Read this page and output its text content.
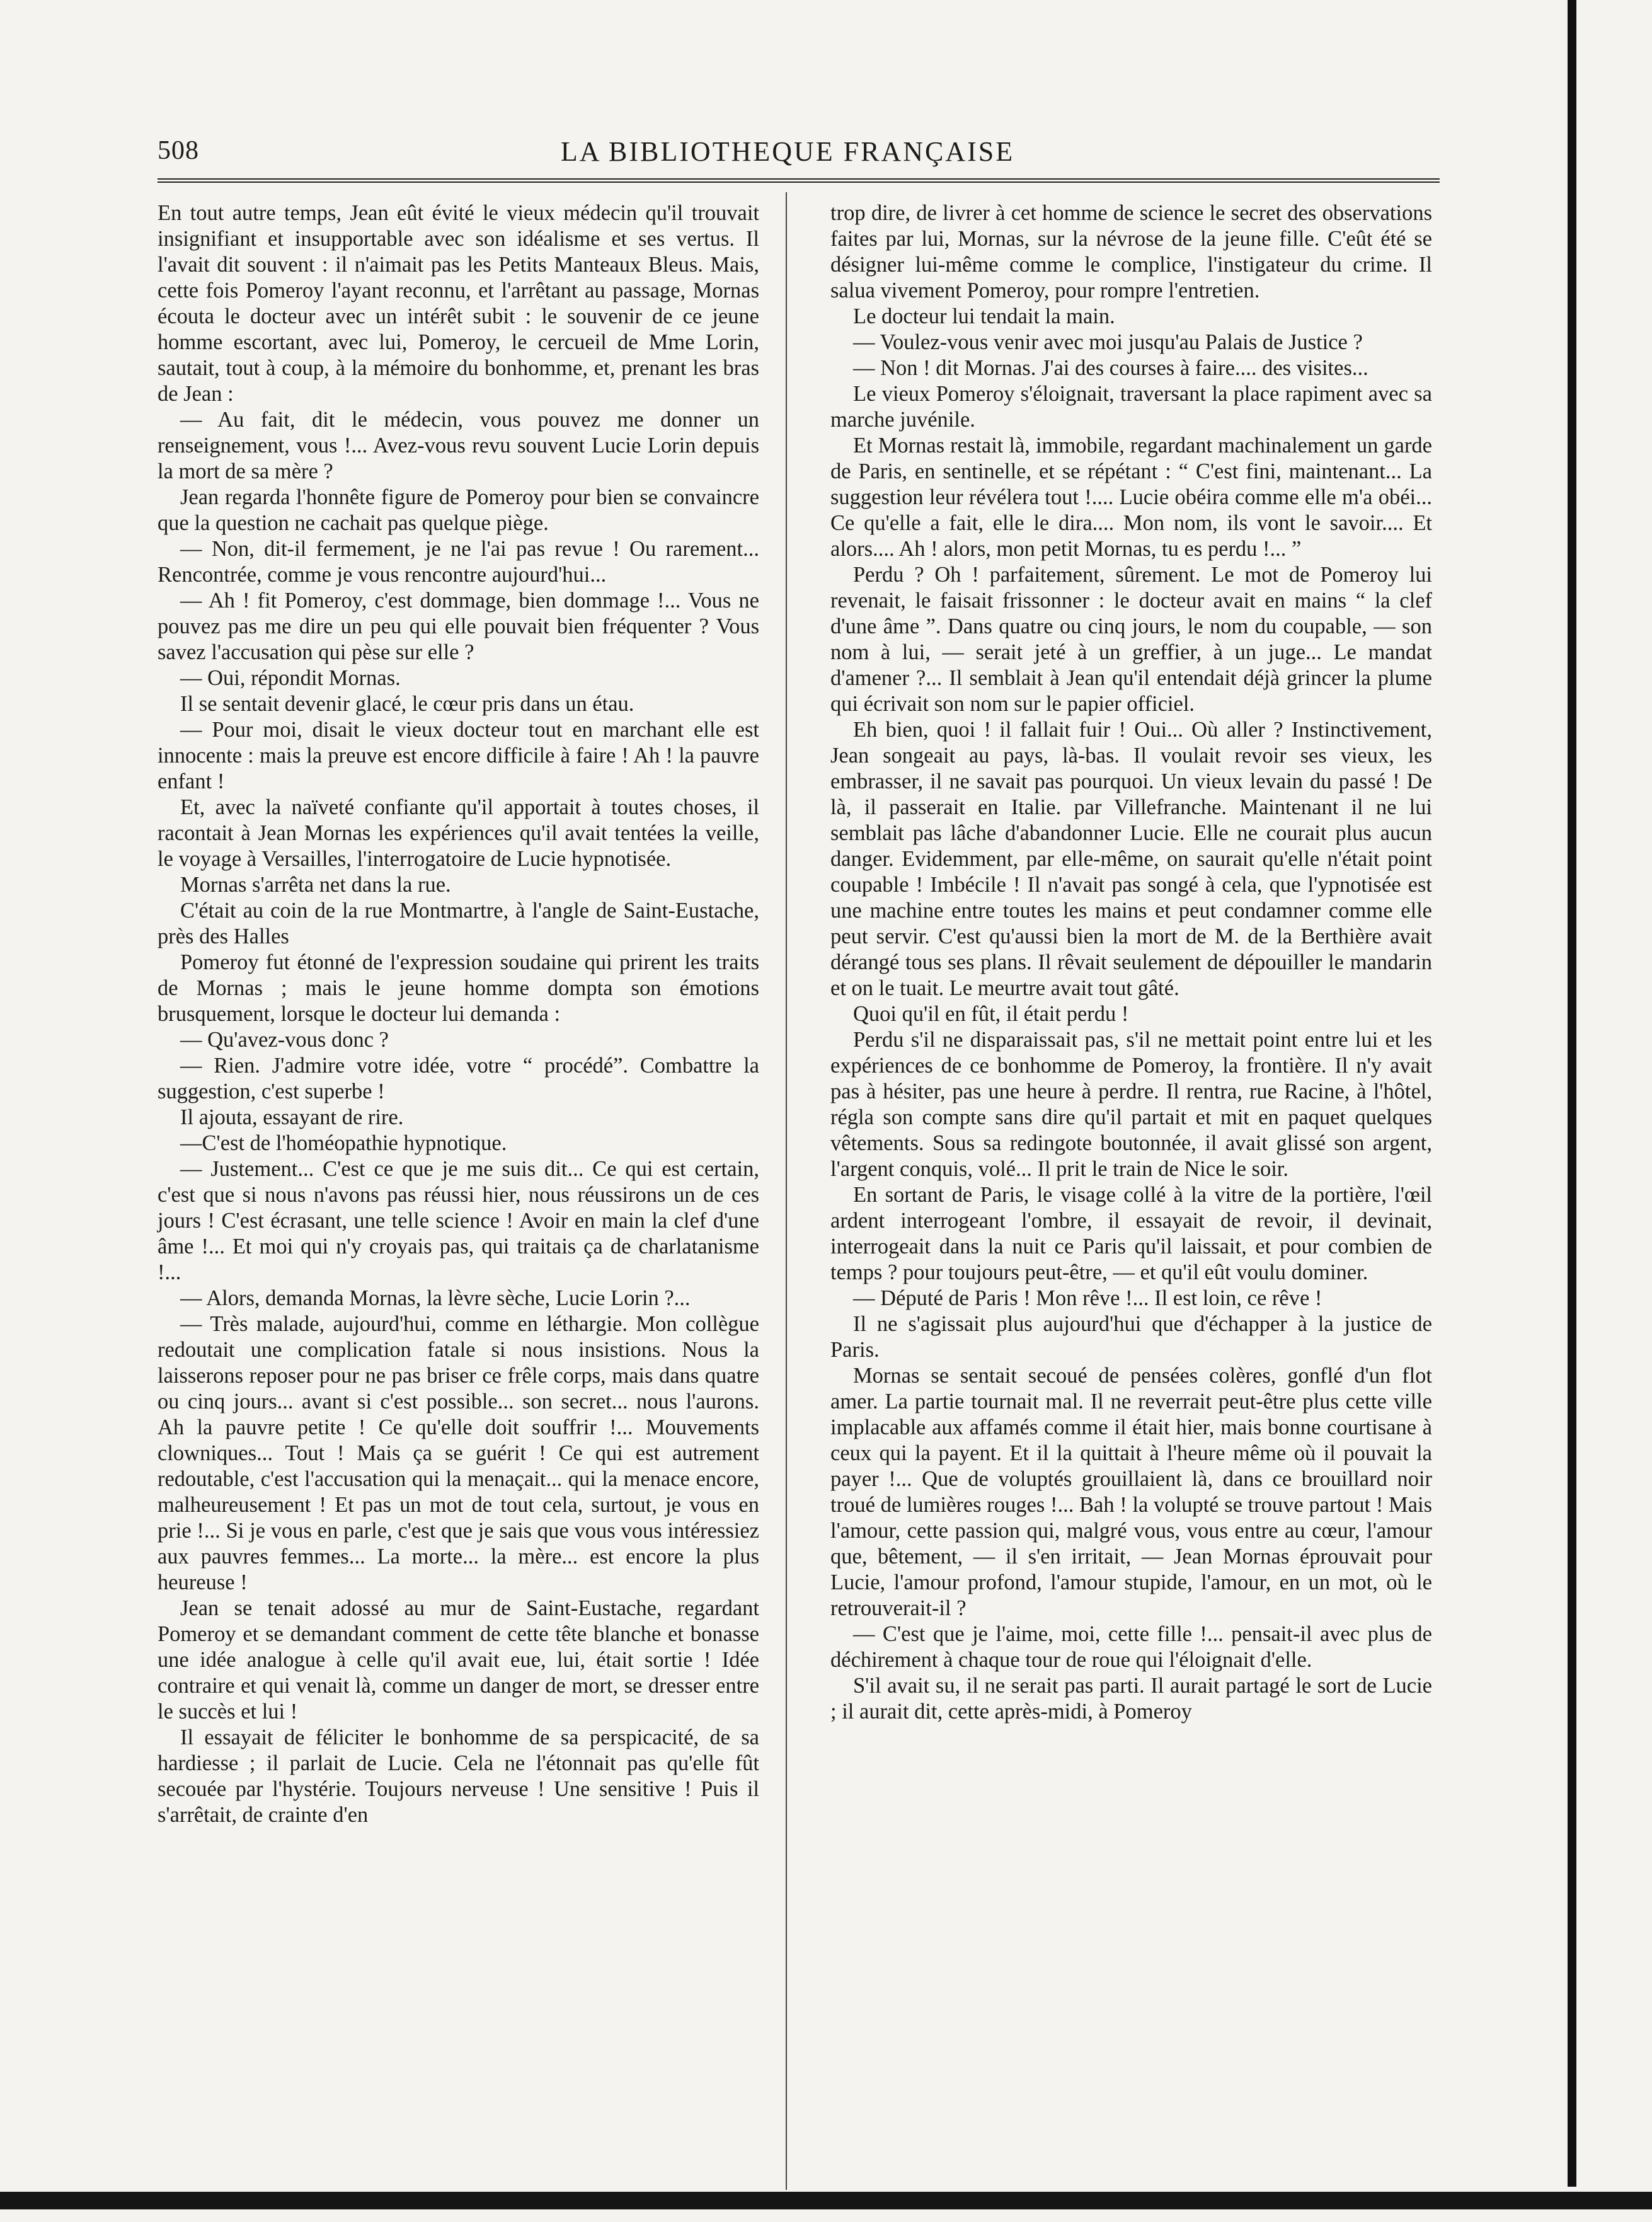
508	LA BIBLIOTHEQUE FRANÇAISE

En tout autre temps, Jean eût évité le vieux médecin qu'il trouvait insignifiant et insupportable avec son idéalisme et ses vertus. Il l'avait dit souvent : il n'aimait pas les Petits Manteaux Bleus. Mais, cette fois Pomeroy l'ayant reconnu, et l'arrêtant au passage, Mornas écouta le docteur avec un intérêt subit : le souvenir de ce jeune homme escortant, avec lui, Pomeroy, le cercueil de Mme Lorin, sautait, tout à coup, à la mémoire du bonhomme, et, prenant les bras de Jean :

— Au fait, dit le médecin, vous pouvez me donner un renseignement, vous !... Avez-vous revu souvent Lucie Lorin depuis la mort de sa mère ?

Jean regarda l'honnête figure de Pomeroy pour bien se convaincre que la question ne cachait pas quelque piège.

— Non, dit-il fermement, je ne l'ai pas revue ! Ou rarement... Rencontrée, comme je vous rencontre aujourd'hui...

— Ah ! fit Pomeroy, c'est dommage, bien dommage !... Vous ne pouvez pas me dire un peu qui elle pouvait bien fréquenter ? Vous savez l'accusation qui pèse sur elle ?

— Oui, répondit Mornas.

Il se sentait devenir glacé, le cœur pris dans un étau.

— Pour moi, disait le vieux docteur tout en marchant elle est innocente : mais la preuve est encore difficile à faire ! Ah ! la pauvre enfant !

Et, avec la naïveté confiante qu'il apportait à toutes choses, il racontait à Jean Mornas les expériences qu'il avait tentées la veille, le voyage à Versailles, l'interrogatoire de Lucie hypnotisée.

Mornas s'arrêta net dans la rue.

C'était au coin de la rue Montmartre, à l'angle de Saint-Eustache, près des Halles

Pomeroy fut étonné de l'expression soudaine qui prirent les traits de Mornas ; mais le jeune homme dompta son émotions brusquement, lorsque le docteur lui demanda :

— Qu'avez-vous donc ?

— Rien. J'admire votre idée, votre “ procédé”. Combattre la suggestion, c'est superbe !

Il ajouta, essayant de rire.

—C'est de l'homéopathie hypnotique.

— Justement... C'est ce que je me suis dit... Ce qui est certain, c'est que si nous n'avons pas réussi hier, nous réussirons un de ces jours ! C'est écrasant, une telle science ! Avoir en main la clef d'une âme !... Et moi qui n'y croyais pas, qui traitais ça de charlatanisme !...

— Alors, demanda Mornas, la lèvre sèche, Lucie Lorin ?...

— Très malade, aujourd'hui, comme en léthargie. Mon collègue redoutait une complication fatale si nous insistions. Nous la laisserons reposer pour ne pas briser ce frêle corps, mais dans quatre ou cinq jours... avant si c'est possible... son secret... nous l'aurons. Ah la pauvre petite ! Ce qu'elle doit souffrir !... Mouvements clowniques... Tout ! Mais ça se guérit ! Ce qui est autrement redoutable, c'est l'accusation qui la menaçait... qui la menace encore, malheureusement ! Et pas un mot de tout cela, surtout, je vous en prie !... Si je vous en parle, c'est que je sais que vous vous intéressiez aux pauvres femmes... La morte... la mère... est encore la plus heureuse !

Jean se tenait adossé au mur de Saint-Eustache, regardant Pomeroy et se demandant comment de cette tête blanche et bonasse une idée analogue à celle qu'il avait eue, lui, était sortie ! Idée contraire et qui venait là, comme un danger de mort, se dresser entre le succès et lui !

Il essayait de féliciter le bonhomme de sa perspicacité, de sa hardiesse ; il parlait de Lucie. Cela ne l'étonnait pas qu'elle fût secouée par l'hystérie. Toujours nerveuse ! Une sensitive ! Puis il s'arrêtait, de crainte d'en

trop dire, de livrer à cet homme de science le secret des observations faites par lui, Mornas, sur la névrose de la jeune fille. C'eût été se désigner lui-même comme le complice, l'instigateur du crime. Il salua vivement Pomeroy, pour rompre l'entretien.

Le docteur lui tendait la main.

— Voulez-vous venir avec moi jusqu'au Palais de Justice ?

— Non ! dit Mornas. J'ai des courses à faire.... des visites...

Le vieux Pomeroy s'éloignait, traversant la place rapiment avec sa marche juvénile.

Et Mornas restait là, immobile, regardant machinalement un garde de Paris, en sentinelle, et se répétant : “ C'est fini, maintenant... La suggestion leur révélera tout !.... Lucie obéira comme elle m'a obéi... Ce qu'elle a fait, elle le dira.... Mon nom, ils vont le savoir.... Et alors.... Ah ! alors, mon petit Mornas, tu es perdu !... ”

Perdu ? Oh ! parfaitement, sûrement. Le mot de Pomeroy lui revenait, le faisait frissonner : le docteur avait en mains “ la clef d'une âme ”. Dans quatre ou cinq jours, le nom du coupable, — son nom à lui, — serait jeté à un greffier, à un juge... Le mandat d'amener ?... Il semblait à Jean qu'il entendait déjà grincer la plume qui écrivait son nom sur le papier officiel.

Eh bien, quoi ! il fallait fuir ! Oui... Où aller ? Instinctivement, Jean songeait au pays, là-bas. Il voulait revoir ses vieux, les embrasser, il ne savait pas pourquoi. Un vieux levain du passé ! De là, il passerait en Italie. par Villefranche. Maintenant il ne lui semblait pas lâche d'abandonner Lucie. Elle ne courait plus aucun danger. Evidemment, par elle-même, on saurait qu'elle n'était point coupable ! Imbécile ! Il n'avait pas songé à cela, que l'ypnotisée est une machine entre toutes les mains et peut condamner comme elle peut servir. C'est qu'aussi bien la mort de M. de la Berthière avait dérangé tous ses plans. Il rêvait seulement de dépouiller le mandarin et on le tuait. Le meurtre avait tout gâté.

Quoi qu'il en fût, il était perdu !

Perdu s'il ne disparaissait pas, s'il ne mettait point entre lui et les expériences de ce bonhomme de Pomeroy, la frontière. Il n'y avait pas à hésiter, pas une heure à perdre. Il rentra, rue Racine, à l'hôtel, régla son compte sans dire qu'il partait et mit en paquet quelques vêtements. Sous sa redingote boutonnée, il avait glissé son argent, l'argent conquis, volé... Il prit le train de Nice le soir.

En sortant de Paris, le visage collé à la vitre de la portière, l'œil ardent interrogeant l'ombre, il essayait de revoir, il devinait, interrogeait dans la nuit ce Paris qu'il laissait, et pour combien de temps ? pour toujours peut-être, — et qu'il eût voulu dominer.

— Député de Paris ! Mon rêve !... Il est loin, ce rêve !

Il ne s'agissait plus aujourd'hui que d'échapper à la justice de Paris.

Mornas se sentait secoué de pensées colères, gonflé d'un flot amer. La partie tournait mal. Il ne reverrait peut-être plus cette ville implacable aux affamés comme il était hier, mais bonne courtisane à ceux qui la payent. Et il la quittait à l'heure même où il pouvait la payer !... Que de voluptés grouillaient là, dans ce brouillard noir troué de lumières rouges !... Bah ! la volupté se trouve partout ! Mais l'amour, cette passion qui, malgré vous, vous entre au cœur, l'amour que, bêtement, — il s'en irritait, — Jean Mornas éprouvait pour Lucie, l'amour profond, l'amour stupide, l'amour, en un mot, où le retrouverait-il ?

— C'est que je l'aime, moi, cette fille !... pensait-il avec plus de déchirement à chaque tour de roue qui l'éloignait d'elle.

S'il avait su, il ne serait pas parti. Il aurait partagé le sort de Lucie ; il aurait dit, cette après-midi, à Pomeroy
